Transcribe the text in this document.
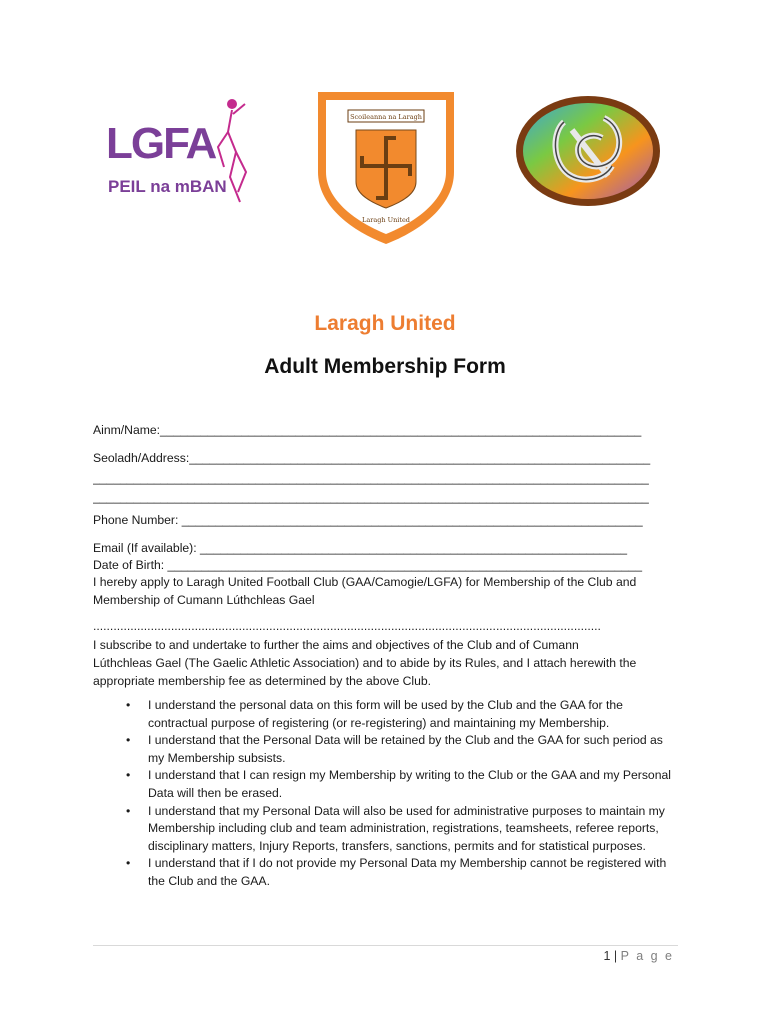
LGFA
PEIL na mBAN
Scoileanna na Laragh
Laragh United
Laragh United
Adult Membership Form
Ainm/Name:_______________________________________________________________________
Seoladh/Address:____________________________________________________________________
__________________________________________________________________________________
__________________________________________________________________________________
Phone Number: ____________________________________________________________________
Email (If available): _______________________________________________________________
Date of Birth: ______________________________________________________________________
I hereby apply to Laragh United Football Club (GAA/Camogie/LGFA) for Membership of the Club and
Membership of Cumann Lúthchleas Gael
......................................................................................................................................................
I subscribe to and undertake to further the aims and objectives of the Club and of Cumann
Lúthchleas Gael (The Gaelic Athletic Association) and to abide by its Rules, and I attach herewith the
appropriate membership fee as determined by the above Club.
• I understand the personal data on this form will be used by the Club and the GAA for the contractual purpose of registering (or re-registering) and maintaining my Membership.
• I understand that the Personal Data will be retained by the Club and the GAA for such period as my Membership subsists.
• I understand that I can resign my Membership by writing to the Club or the GAA and my Personal Data will then be erased.
• I understand that my Personal Data will also be used for administrative purposes to maintain my Membership including club and team administration, registrations, teamsheets, referee reports, disciplinary matters, Injury Reports, transfers, sanctions, permits and for statistical purposes.
• I understand that if I do not provide my Personal Data my Membership cannot be registered with the Club and the GAA.
1 | P a g e
